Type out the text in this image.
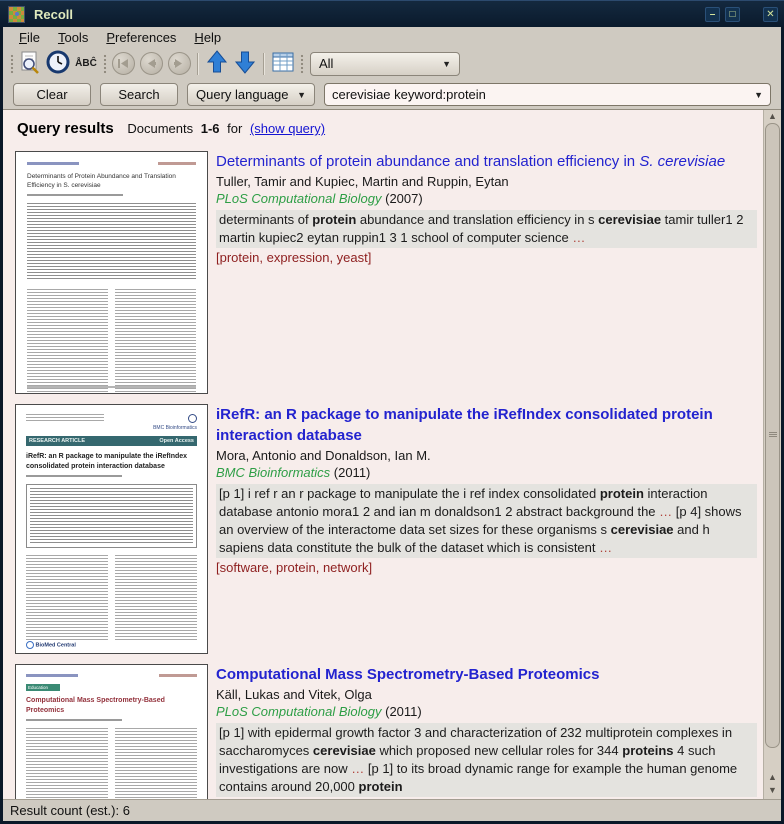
Recoll	–	□	✕
File	Tools	Preferences	Help
ÅBĈ	All	▼
Clear	Search	Query language ▼ cerevisiae keyword:protein	▼
Query results Documents 1-6 for (show query)
Determinants of Protein Abundance and Translation Efficiency in S. cerevisiae
Determinants of protein abundance and translation efficiency in S. cerevisiae
Tuller, Tamir and Kupiec, Martin and Ruppin, Eytan
PLoS Computational Biology (2007)
determinants of protein abundance and translation efficiency in s cerevisiae tamir tuller1 2 martin kupiec2 eytan ruppin1 3 1 school of computer science …
[protein, expression, yeast]

BMC Bioinformatics
RESEARCH ARTICLE	Open Access
iRefR: an R package to manipulate the iRefIndex consolidated protein interaction database
BioMed Central
iRefR: an R package to manipulate the iRefIndex consolidated protein interaction database
Mora, Antonio and Donaldson, Ian M.
BMC Bioinformatics (2011)
[p 1] i ref r an r package to manipulate the i ref index consolidated protein interaction database antonio mora1 2 and ian m donaldson1 2 abstract background the … [p 4] shows an overview of the interactome data set sizes for these organisms s cerevisiae and h sapiens data constitute the bulk of the dataset which is consistent …
[software, protein, network]
Education
Computational Mass Spectrometry-Based Proteomics
Computational Mass Spectrometry-Based Proteomics
Käll, Lukas and Vitek, Olga
PLoS Computational Biology (2011)
[p 1] with epidermal growth factor 3 and characterization of 232 multiprotein complexes in saccharomyces cerevisiae which proposed new cellular roles for 344 proteins 4 such investigations are now … [p 1] to its broad dynamic range for example the human genome contains around 20,000 protein
▲
▲
▼
Result count (est.): 6
